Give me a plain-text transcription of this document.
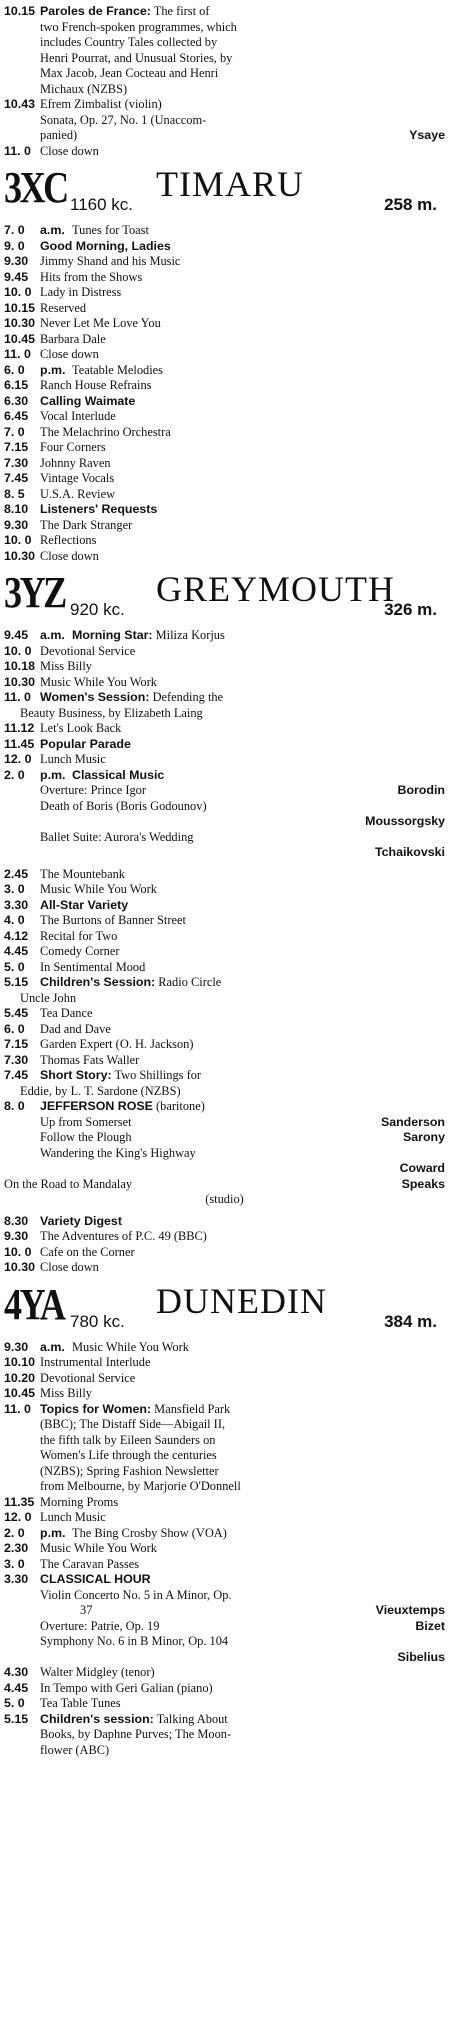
10.15 Paroles de France: The first of
two French-spoken programmes, which
includes Country Tales collected by
Henri Pourrat, and Unusual Stories, by
Max Jacob, Jean Cocteau and Henri
Michaux (NZBS)
10.43 Efrem Zimbalist (violin)
Sonata, Op. 27, No. 1 (Unaccom-
panied)	Ysaye
11. 0 Close down
3XC TIMARU
1160 kc.	258 m.
7. 0	a.m. Tunes for Toast
9. 0	Good Morning, Ladies
9.30 Jimmy Shand and his Music
9.45 Hits from the Shows
10. 0 Lady in Distress
10.15 Reserved
10.30 Never Let Me Love You
10.45 Barbara Dale
11. 0 Close down
6. 0	p.m. Teatable Melodies
6.15 Ranch House Refrains
6.30 Calling Waimate
6.45 Vocal Interlude
7. 0	The Melachrino Orchestra
7.15 Four Corners
7.30 Johnny Raven
7.45 Vintage Vocals
8. 5	U.S.A. Review
8.10 Listeners' Requests
9.30 The Dark Stranger
10. 0 Reflections
10.30 Close down
3YZ	GREYMOUTH
920 kc.	326 m.
9.45 a.m. Morning Star: Miliza Korjus
10. 0 Devotional Service
10.18 Miss Billy
10.30 Music While You Work
11. 0 Women's Session: Defending the
Beauty Business, by Elizabeth Laing
11.12 Let's Look Back
11.45 Popular Parade
12. 0 Lunch Music
2. 0	p.m. Classical Music
Overture: Prince Igor	Borodin
Death of Boris (Boris Godounov)
Moussorgsky
Ballet Suite: Aurora's Wedding
Tchaikovski
2.45 The Mountebank
3. 0	Music While You Work
3.30 All-Star Variety
4. 0	The Burtons of Banner Street
4.12 Recital for Two
4.45 Comedy Corner
5. 0	In Sentimental Mood
5.15 Children's Session: Radio Circle
Uncle John
5.45 Tea Dance
6. 0	Dad and Dave
7.15 Garden Expert (O. H. Jackson)
7.30 Thomas Fats Waller
7.45 Short Story: Two Shillings for
Eddie, by L. T. Sardone (NZBS)
8. 0	JEFFERSON ROSE (baritone)
Up from Somerset	Sanderson
Follow the Plough	Sarony
Wandering the King's Highway
Coward
On the Road to Mandalay	Speaks
(studio)
8.30 Variety Digest
9.30 The Adventures of P.C. 49 (BBC)
10. 0 Cafe on the Corner
10.30 Close down
4YA	DUNEDIN
780 kc.	384 m.
9.30 a.m. Music While You Work
10.10 Instrumental Interlude
10.20 Devotional Service
10.45 Miss Billy
11. 0 Topics for Women: Mansfield Park
(BBC); The Distaff Side—Abigail II,
the fifth talk by Eileen Saunders on
Women's Life through the centuries
(NZBS); Spring Fashion Newsletter
from Melbourne, by Marjorie O'Donnell
11.35 Morning Proms
12. 0 Lunch Music
2. 0	p.m. The Bing Crosby Show (VOA)
2.30 Music While You Work
3. 0	The Caravan Passes
3.30 CLASSICAL HOUR
Violin Concerto No. 5 in A Minor, Op.
37	Vieuxtemps
Overture: Patrie, Op. 19	Bizet
Symphony No. 6 in B Minor, Op. 104
Sibelius
4.30 Walter Midgley (tenor)
4.45 In Tempo with Geri Galian (piano)
5. 0	Tea Table Tunes
5.15 Children's session: Talking About
Books, by Daphne Purves; The Moon-
flower (ABC)
